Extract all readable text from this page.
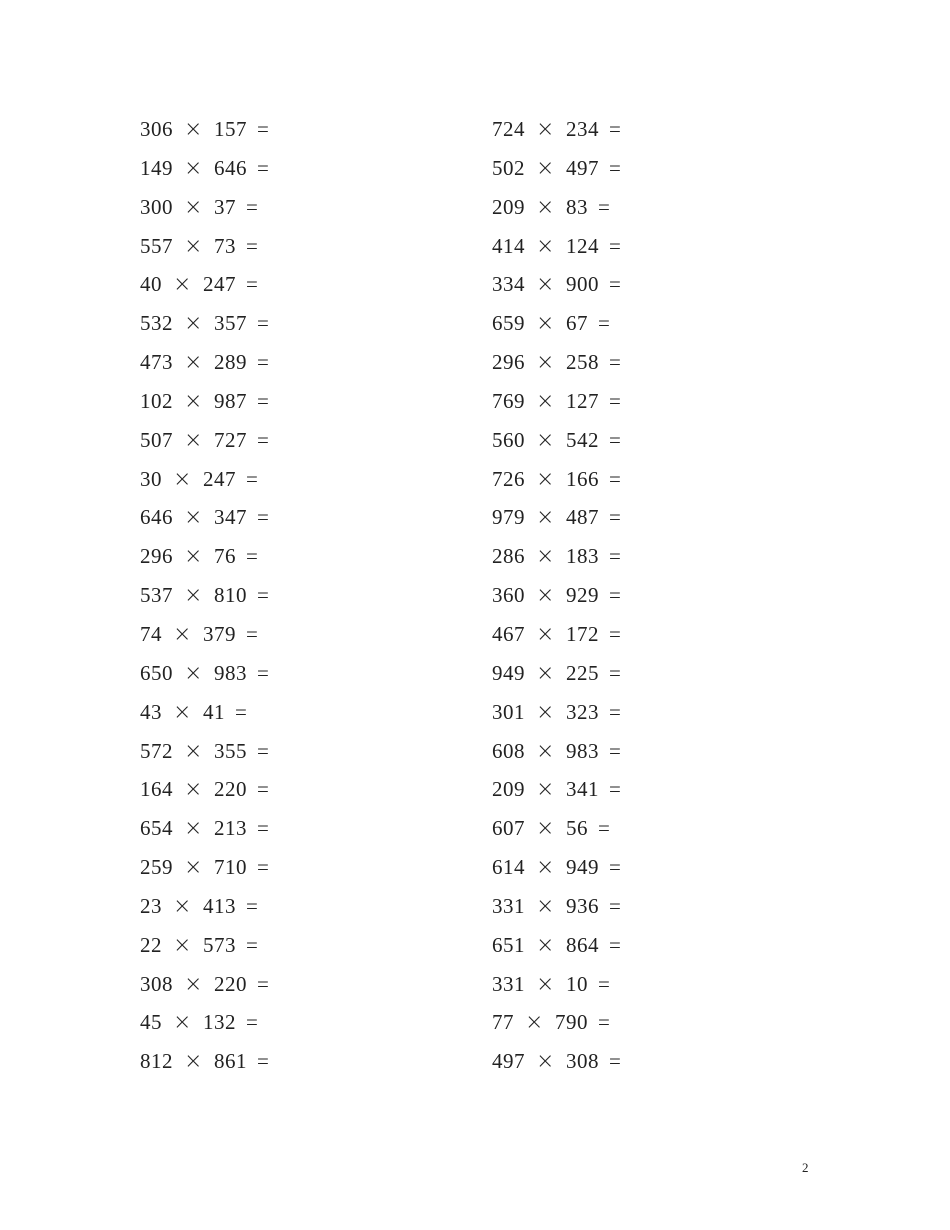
306 × 157 =
149 × 646 =
300 × 37 =
557 × 73 =
40 × 247 =
532 × 357 =
473 × 289 =
102 × 987 =
507 × 727 =
30 × 247 =
646 × 347 =
296 × 76 =
537 × 810 =
74 × 379 =
650 × 983 =
43 × 41 =
572 × 355 =
164 × 220 =
654 × 213 =
259 × 710 =
23 × 413 =
22 × 573 =
308 × 220 =
45 × 132 =
812 × 861 =
724 × 234 =
502 × 497 =
209 × 83 =
414 × 124 =
334 × 900 =
659 × 67 =
296 × 258 =
769 × 127 =
560 × 542 =
726 × 166 =
979 × 487 =
286 × 183 =
360 × 929 =
467 × 172 =
949 × 225 =
301 × 323 =
608 × 983 =
209 × 341 =
607 × 56 =
614 × 949 =
331 × 936 =
651 × 864 =
331 × 10 =
77 × 790 =
497 × 308 =
2
